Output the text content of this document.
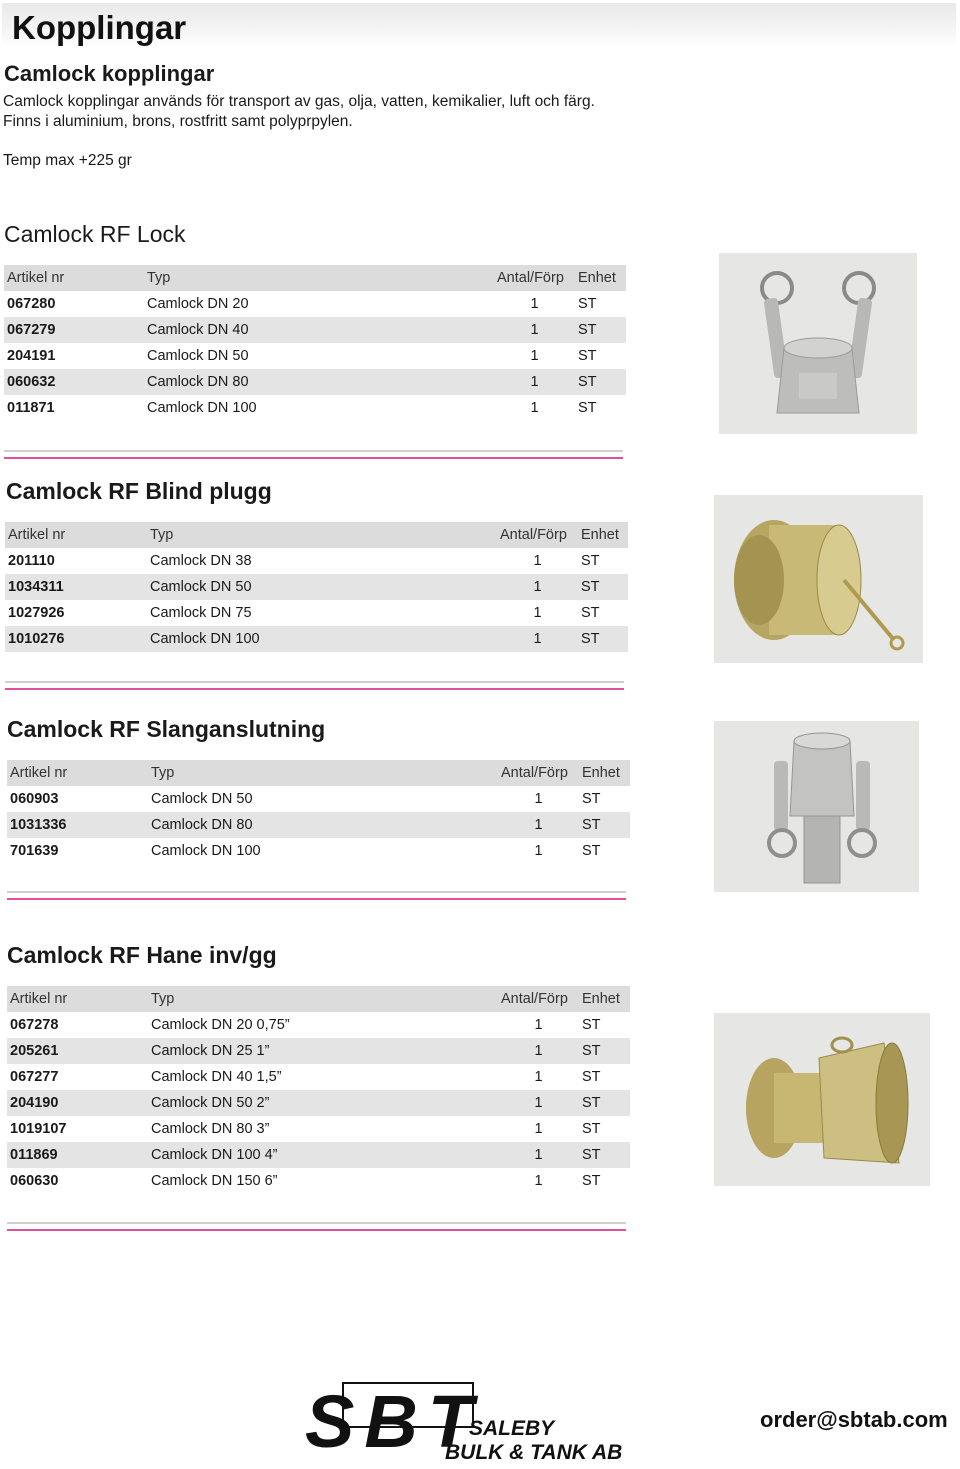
Kopplingar
Camlock kopplingar
Camlock kopplingar används för transport av gas, olja, vatten, kemikalier, luft och färg.
Finns i aluminium, brons, rostfritt samt polyprpylen.
Temp max +225 gr
Camlock RF Lock
Artikel nr	Typ	Antal/Förp	Enhet
067280	Camlock DN 20	1	ST
067279	Camlock DN 40	1	ST
204191	Camlock DN 50	1	ST
060632	Camlock DN 80	1	ST
011871	Camlock DN 100	1	ST
Camlock RF Blind plugg
Artikel nr	Typ	Antal/Förp	Enhet
201110	Camlock DN 38	1	ST
1034311	Camlock DN 50	1	ST
1027926	Camlock DN 75	1	ST
1010276	Camlock DN 100	1	ST
Camlock RF Slanganslutning
Artikel nr	Typ	Antal/Förp	Enhet
060903	Camlock DN 50	1	ST
1031336	Camlock DN 80	1	ST
701639	Camlock DN 100	1	ST
Camlock RF Hane inv/gg
Artikel nr	Typ	Antal/Förp	Enhet
067278	Camlock DN 20 0,75”	1	ST
205261	Camlock DN 25 1”	1	ST
067277	Camlock DN 40 1,5”	1	ST
204190	Camlock DN 50 2”	1	ST
1019107	Camlock DN 80 3”	1	ST
011869	Camlock DN 100 4”	1	ST
060630	Camlock DN 150 6”	1	ST
SBT
SALEBY
BULK & TANK AB
order@sbtab.com
